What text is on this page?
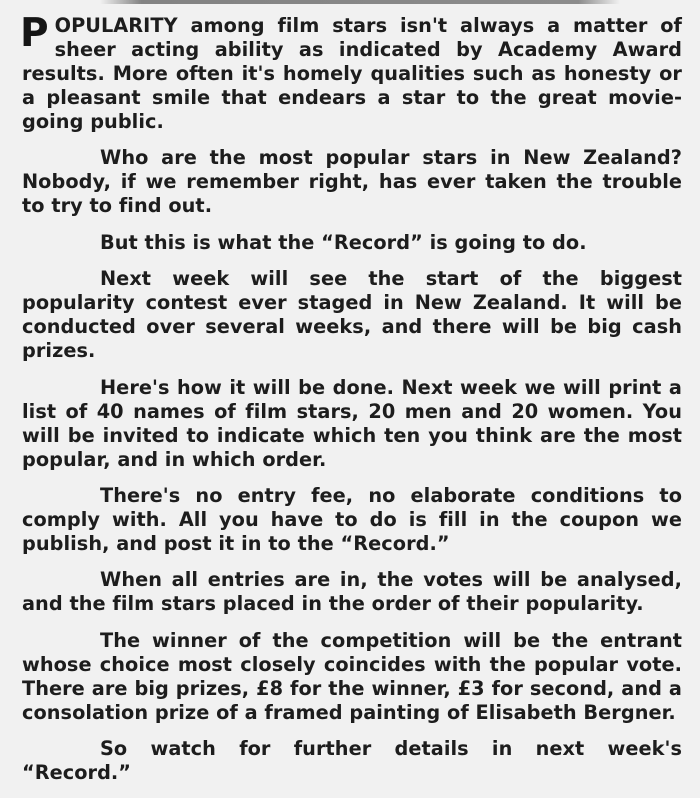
POPULARITY among film stars isn't always a matter of sheer acting ability as indicated by Academy Award results. More often it's homely qualities such as honesty or a pleasant smile that endears a star to the great movie-going public.

Who are the most popular stars in New Zealand? Nobody, if we remember right, has ever taken the trouble to try to find out.

But this is what the “Record” is going to do.

Next week will see the start of the biggest popularity contest ever staged in New Zealand. It will be conducted over several weeks, and there will be big cash prizes.

Here's how it will be done. Next week we will print a list of 40 names of film stars, 20 men and 20 women. You will be invited to indicate which ten you think are the most popular, and in which order.

There's no entry fee, no elaborate conditions to comply with. All you have to do is fill in the coupon we publish, and post it in to the “Record.”

When all entries are in, the votes will be analysed, and the film stars placed in the order of their popularity.

The winner of the competition will be the entrant whose choice most closely coincides with the popular vote. There are big prizes, £8 for the winner, £3 for second, and a consolation prize of a framed painting of Elisabeth Bergner.

So watch for further details in next week's “Record.”
